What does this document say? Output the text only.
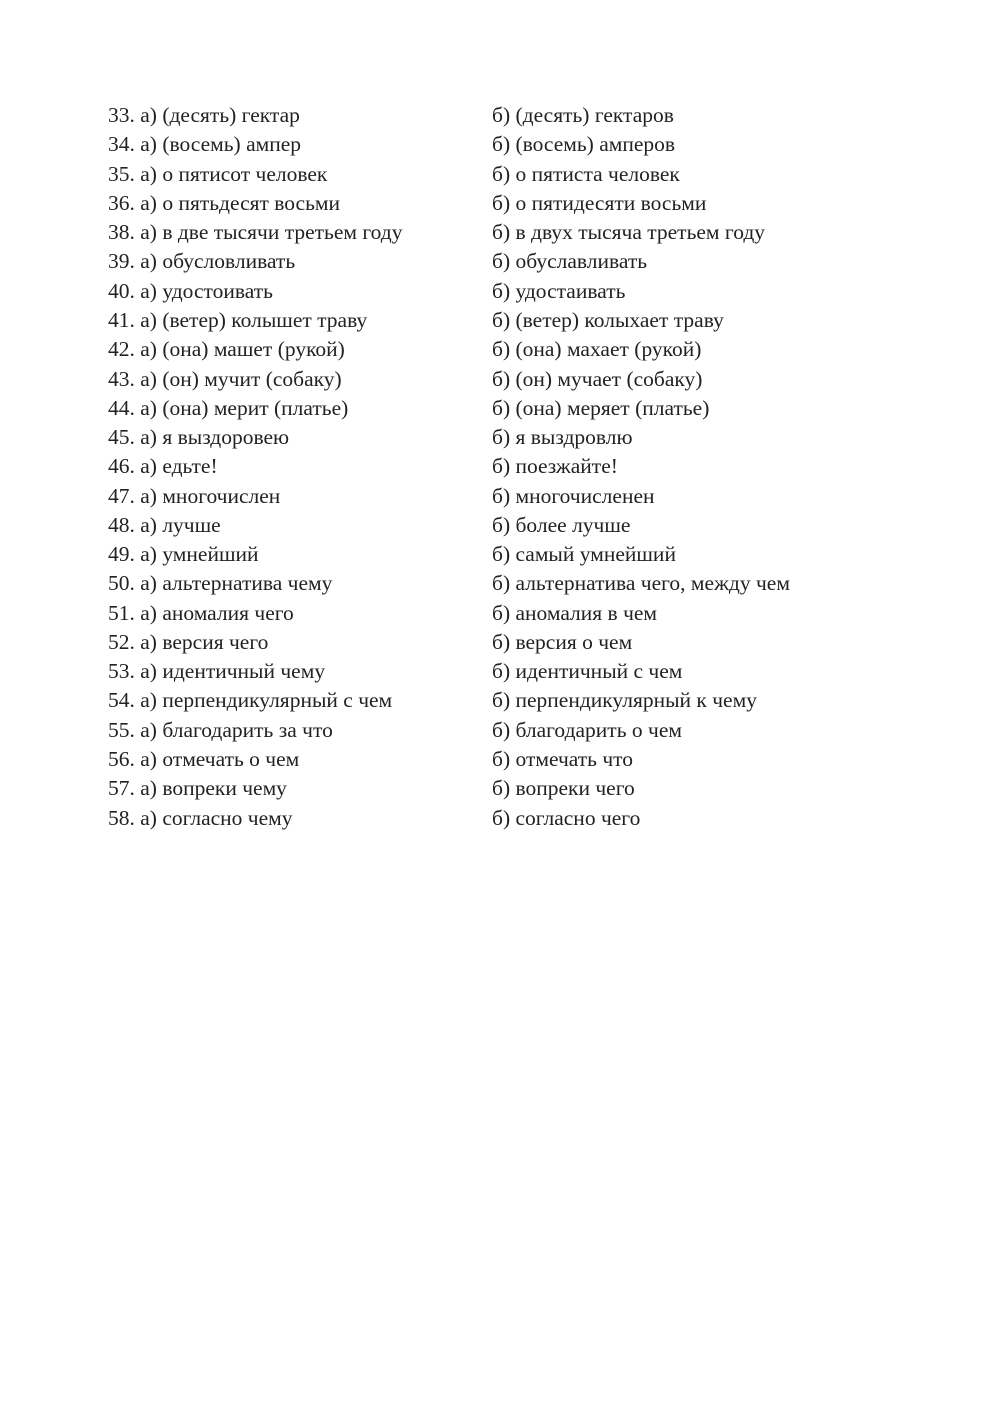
33. а) (десять) гектар	б) (десять) гектаров
34. а) (восемь) ампер	б) (восемь) амперов
35. а) о пятисот человек	б) о пятиста человек
36. а) о пятьдесят восьми	б) о пятидесяти восьми
38. а) в две тысячи третьем году	б) в двух тысяча третьем году
39. а) обусловливать	б) обуславливать
40. а) удостоивать	б) удостаивать
41. а) (ветер) колышет траву	б) (ветер) колыхает траву
42. а) (она) машет (рукой)	б) (она) махает (рукой)
43. а) (он) мучит (собаку)	б) (он) мучает (собаку)
44. а) (она) мерит (платье)	б) (она) меряет (платье)
45. а) я выздоровею	б) я выздровлю
46. а) едьте!	б) поезжайте!
47. а) многочислен	б) многочисленен
48. а) лучше	б) более лучше
49. а) умнейший	б) самый умнейший
50. а) альтернатива чему	б) альтернатива чего, между чем
51. а) аномалия чего	б) аномалия в чем
52. а) версия чего	б) версия о чем
53. а) идентичный чему	б) идентичный с чем
54. а) перпендикулярный с чем	б) перпендикулярный к чему
55. а) благодарить за что	б) благодарить о чем
56. а) отмечать о чем	б) отмечать что
57. а) вопреки чему	б) вопреки чего
58. а) согласно чему	б) согласно чего
